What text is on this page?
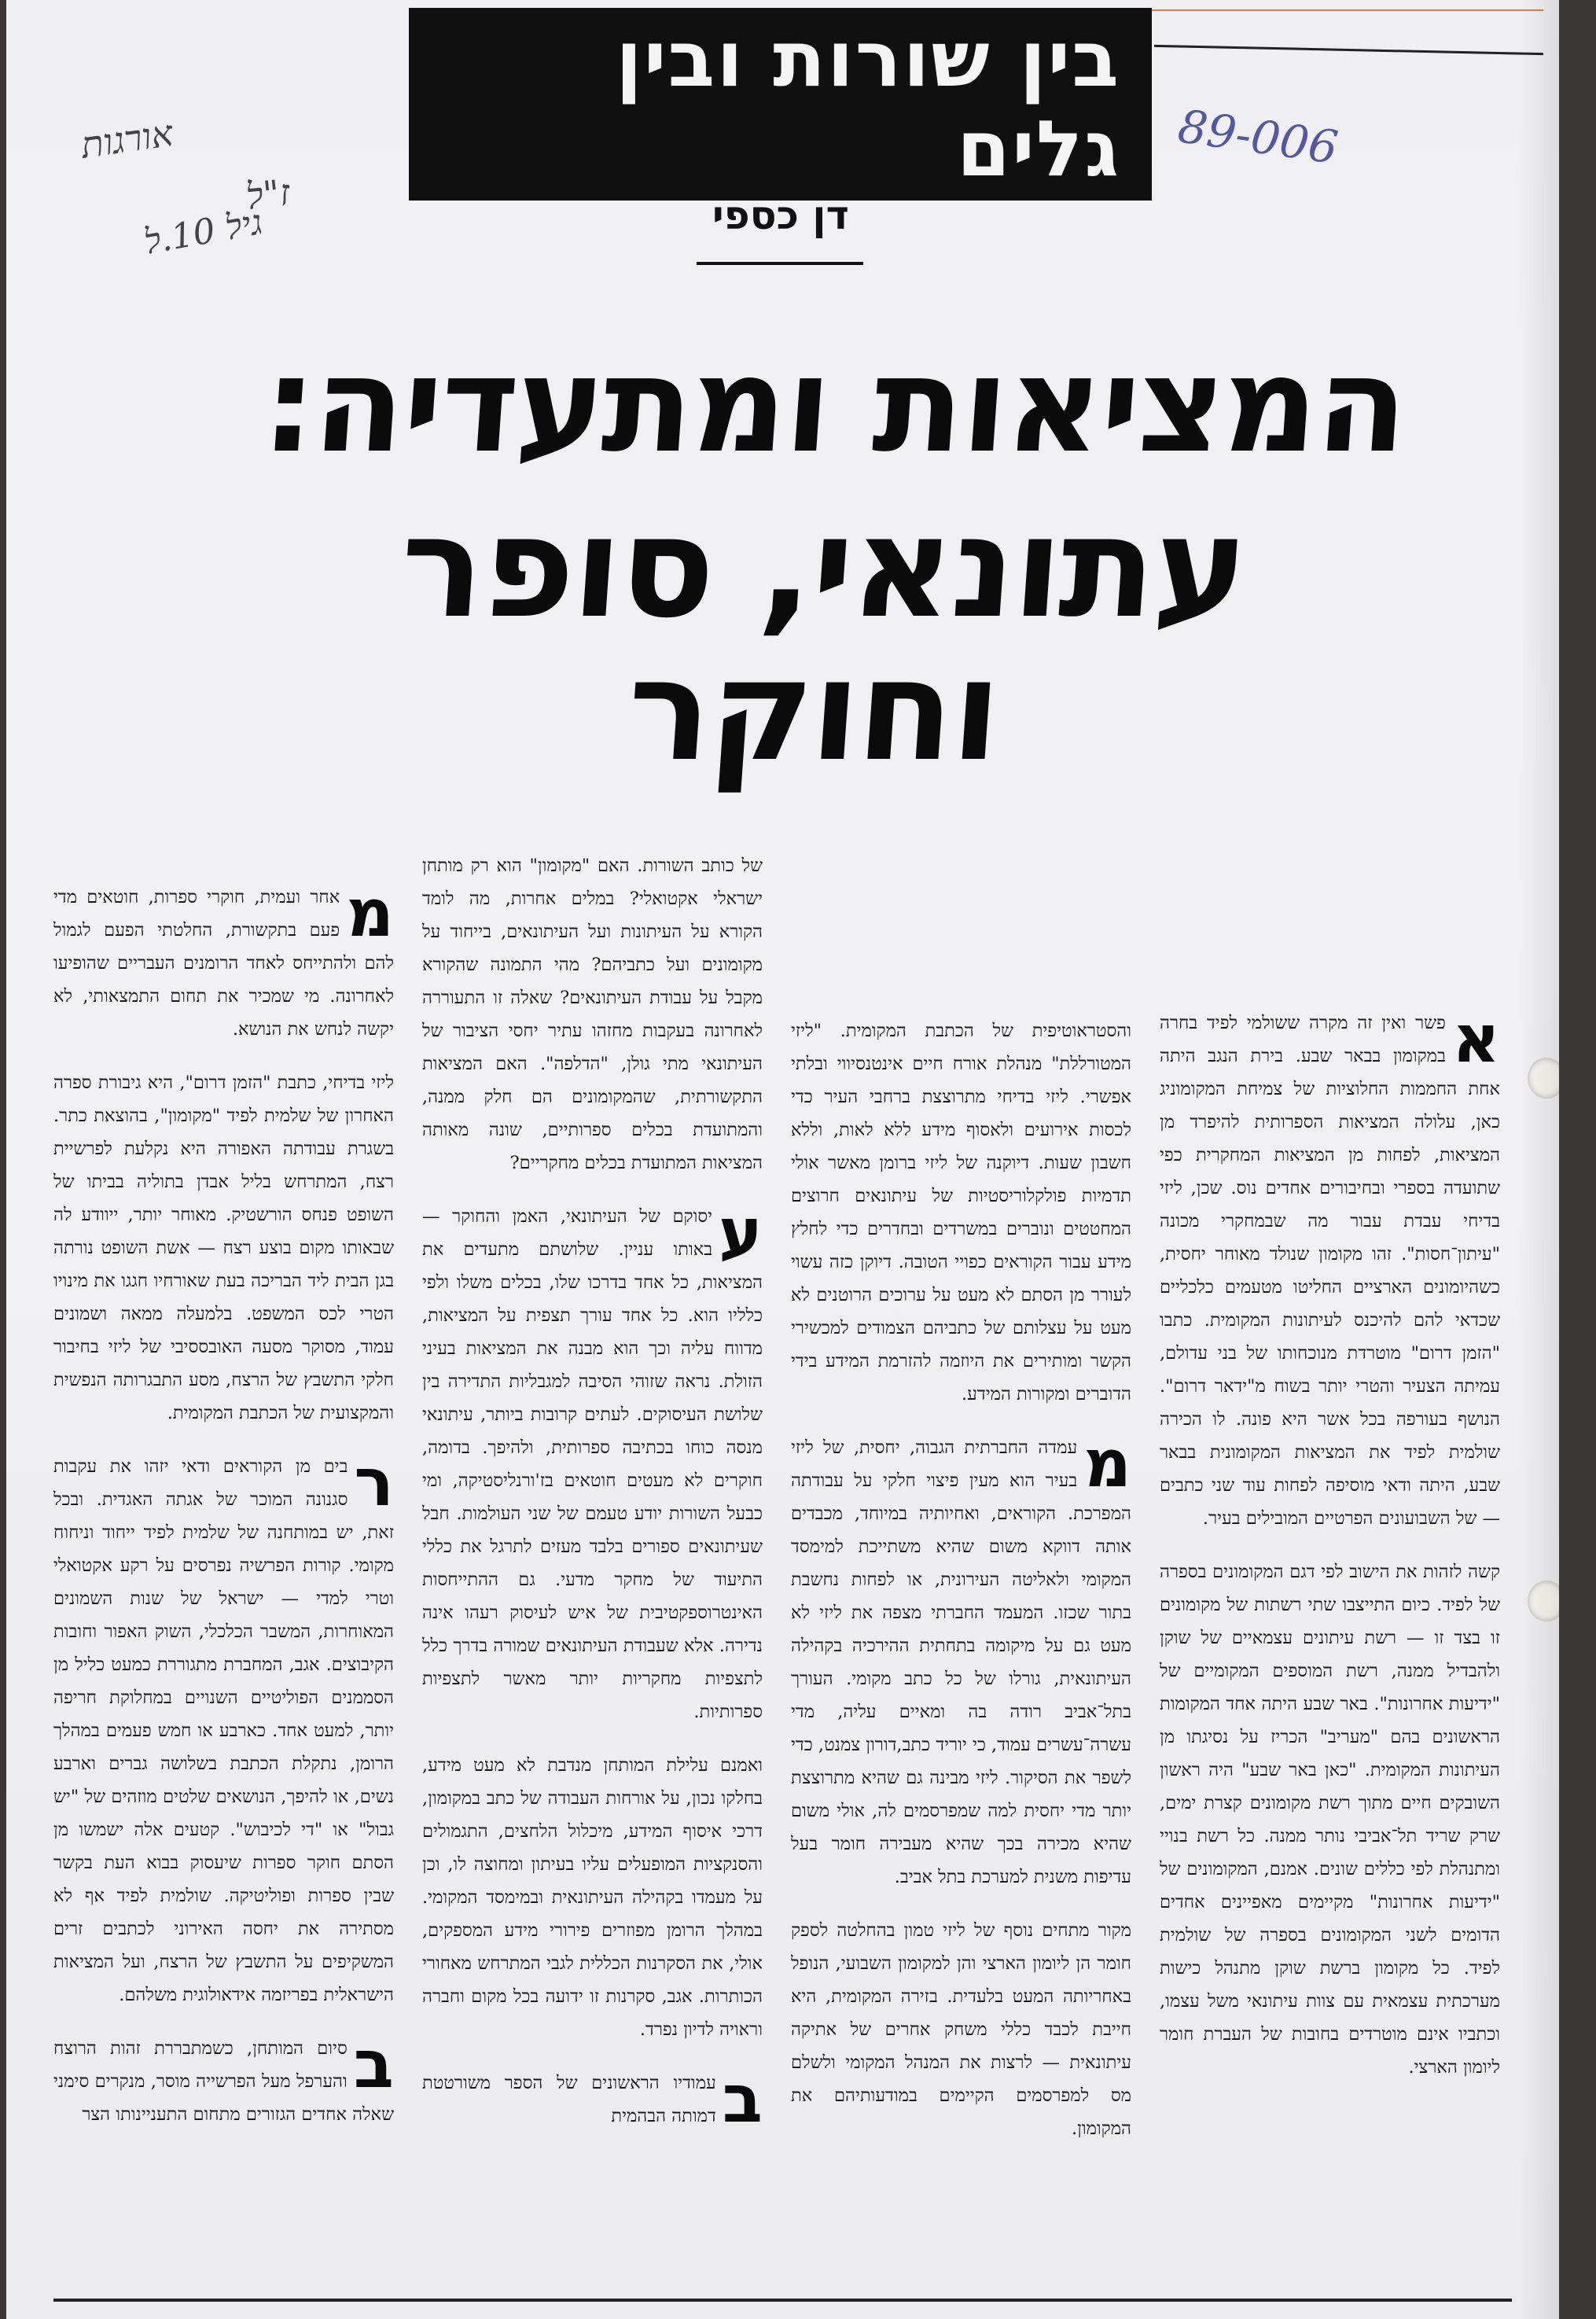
בין שורות ובין גלים
דן כספי
89-006
אורגות
ז"ל
גיל 10.ל
המציאות ומתעדיה:
עתונאי, סופר וחוקר

מ
אחר ועמית, חוקרי ספרות, חוטאים מדי פעם בתקשורת, החלטתי הפעם לגמול להם ולהתייחס לאחד הרומנים העבריים שהופיעו לאחרונה. מי שמכיר את תחום התמצאותי, לא יקשה לנחש את הנושא.

ליזי בדיחי, כתבת "הזמן דרום", היא גיבורת ספרה האחרון של שלמית לפיד "מקומון", בהוצאת כתר. בשגרת עבודתה האפורה היא נקלעת לפרשיית רצח, המתרחש בליל אבדן בתוליה בביתו של השופט פנחס הורשטיק. מאוחר יותר, ייוודע לה שבאותו מקום בוצע רצח — אשת השופט נורתה בגן הבית ליד הבריכה בעת שאורחיו חגגו את מינויו הטרי לכס המשפט. בלמעלה ממאה ושמונים עמוד, מסוקר מסעה האובססיבי של ליזי בחיבור חלקי התשבץ של הרצח, מסע התבגרותה הנפשית והמקצועית של הכתבת המקומית.

ר
בים מן הקוראים ודאי יזהו את עקבות סגנונה המוכר של אגתה האגדית. ובכל זאת, יש במותחנה של שלמית לפיד ייחוד וניחוח מקומי. קורות הפרשיה נפרסים על רקע אקטואלי וטרי למדי — ישראל של שנות השמונים המאוחרות, המשבר הכלכלי, השוק האפור וחובות הקיבוצים. אגב, המחברת מתגוררת כמעט כליל מן הסממנים הפוליטיים השנויים במחלוקת חריפה יותר, למעט אחד. כארבע או חמש פעמים במהלך הרומן, נתקלת הכתבת בשלושה גברים וארבע נשים, או להיפך, הנושאים שלטים מוזהים של "יש גבול" או "די לכיבוש". קטעים אלה ישמשו מן הסתם חוקר ספרות שיעסוק בבוא העת בקשר שבין ספרות ופוליטיקה. שולמית לפיד אף לא מסתירה את יחסה האירוני לכתבים זרים המשקיפים על התשבץ של הרצח, ועל המציאות הישראלית בפריזמה אידאולוגית משלהם.

ב
סיום המותחן, כשמתבררת זהות הרוצח והערפל מעל הפרשייה מוסר, מנקרים סימני שאלה אחדים הגזורים מתחום התעניינותו הצר

של כותב השורות. האם "מקומון" הוא רק מותחן ישראלי אקטואלי? במלים אחרות, מה לומד הקורא על העיתונות ועל העיתונאים, בייחוד על מקומונים ועל כתביהם? מהי התמונה שהקורא מקבל על עבודת העיתונאים? שאלה זו התעוררה לאחרונה בעקבות מחזהו עתיר יחסי הציבור של העיתונאי מתי גולן, "הדלפה". האם המציאות התקשורתית, שהמקומונים הם חלק ממנה, והמתועדת בכלים ספרותיים, שונה מאותה המציאות המתועדת בכלים מחקריים?

ע
יסוקם של העיתונאי, האמן והחוקר — באותו עניין. שלושתם מתעדים את המציאות, כל אחד בדרכו שלו, בכלים משלו ולפי כלליו הוא. כל אחד עורך תצפית על המציאות, מדווח עליה וכך הוא מבנה את המציאות בעיני הזולת. נראה שזוהי הסיבה למגבליות התדירה בין שלושת העיסוקים. לעתים קרובות ביותר, עיתונאי מנסה כוחו בכתיבה ספרותית, ולהיפך. בדומה, חוקרים לא מעטים חוטאים בז'ורנליסטיקה, ומי כבעל השורות יודע טעמם של שני העולמות. חבל שעיתונאים ספורים בלבד מעזים לתרגל את כללי התיעוד של מחקר מדעי. גם ההתייחסות האינטרוספקטיבית של איש לעיסוק רעהו אינה נדירה. אלא שעבודת העיתונאים שמורה בדרך כלל לתצפיות מחקריות יותר מאשר לתצפיות ספרותיות.

ואמנם עלילת המותחן מנדבת לא מעט מידע, בחלקו נכון, על אורחות העבודה של כתב במקומון, דרכי איסוף המידע, מיכלול הלחצים, התגמולים והסנקציות המופעלים עליו בעיתון ומחוצה לו, וכן על מעמדו בקהילה העיתונאית ובמימסד המקומי. במהלך הרומן מפוזרים פירורי מידע המספקים, אולי, את הסקרנות הכללית לגבי המתרחש מאחורי הכותרות. אגב, סקרנות זו ידועה בכל מקום וחברה וראויה לדיון נפרד.

ב
עמודיו הראשונים של הספר משורטטת דמותה הבהמית

והסטראוטיפית של הכתבת המקומית. "ליזי המטורללת" מנהלת אורח חיים אינטנסיווי ובלתי אפשרי. ליזי בדיחי מתרוצצת ברחבי העיר כדי לכסות אירועים ולאסוף מידע ללא לאות, וללא חשבון שעות. דיוקנה של ליזי ברומן מאשר אולי תדמיות פולקלוריסטיות של עיתונאים חרוצים המחטטים ונוברים במשרדים ובחדרים כדי לחלץ מידע עבור הקוראים כפויי הטובה. דיוקן כזה עשוי לעורר מן הסתם לא מעט על ערוכים הרוטנים לא מעט על עצלותם של כתביהם הצמודים למכשירי הקשר ומותירים את היוזמה להזרמת המידע בידי הדוברים ומקורות המידע.

מ
עמדה החברתית הגבוה, יחסית, של ליזי בעיר הוא מעין פיצוי חלקי על עבודתה המפרכת. הקוראים, ואחיותיה במיוחד, מכבדים אותה דווקא משום שהיא משתייכת למימסד המקומי ולאליטה העירונית, או לפחות נחשבת בתור שכזו. המעמד החברתי מצפה את ליזי לא מעט גם על מיקומה בתחתית ההירכיה בקהילה העיתונאית, גורלו של כל כתב מקומי. העורך בתל־אביב רודה בה ומאיים עליה, מדי עשרה־עשרים עמוד, כי יוריד כתב,דורון צמנט, כדי לשפר את הסיקור. ליזי מבינה גם שהיא מתרוצצת יותר מדי יחסית למה שמפרסמים לה, אולי משום שהיא מכירה בכך שהיא מעבירה חומר בעל עדיפות משנית למערכת בתל אביב.

מקור מתחים נוסף של ליזי טמון בהחלטה לספק חומר הן ליומון הארצי והן למקומון השבועי, הנופל באחריותה המעט בלעדית. בזירה המקומית, היא חייבת לכבד כללי משחק אחרים של אתיקה עיתונאית — לרצות את המנהל המקומי ולשלם מס למפרסמים הקיימים במודעותיהם את המקומון.

א
פשר ואין זה מקרה ששולמי לפיד בחרה במקומון בבאר שבע. בירת הנגב היתה אחת החממות החלוציות של צמיחת המקומוניג כאן, עלולה המציאות הספרותית להיפרד מן המציאות, לפחות מן המציאות המחקרית כפי שתועדה בספרי ובחיבורים אחדים נוס. שכן, ליזי בדיחי עבדת עבור מה שבמחקרי מכונה "עיתון־חסות". זהו מקומון שנולד מאוחר יחסית, כשהיומונים הארציים החליטו מטעמים כלכליים שכדאי להם להיכנס לעיתונות המקומית. כתבו "הזמן דרום" מוטרדת מנוכחותו של בני עדולם, עמיתה הצעיר והטרי יותר בשוח מ"ידאר דרום". הנושף בעורפה בכל אשר היא פונה. לו הכירה שולמית לפיד את המציאות המקומונית בבאר שבע, היתה ודאי מוסיפה לפחות עוד שני כתבים — של השבועונים הפרטיים המובילים בעיר.

קשה לזהות את הישוב לפי דגם המקומונים בספרה של לפיד. כיום התייצבו שתי רשתות של מקומונים זו בצד זו — רשת עיתונים עצמאיים של שוקן ולהבדיל ממנה, רשת המוספים המקומיים של "ידיעות אחרונות". באר שבע היתה אחד המקומות הראשונים בהם "מעריב" הכריז על נסיגתו מן העיתונות המקומית. "כאן באר שבע" היה ראשון השובקים חיים מתוך רשת מקומונים קצרת ימים, שרק שריד תל־אביבי נותר ממנה. כל רשת בנויי ומתנהלת לפי כללים שונים. אמנם, המקומונים של "ידיעות אחרונות" מקיימים מאפיינים אחדים הדומים לשני המקומונים בספרה של שולמית לפיד. כל מקומון ברשת שוקן מתנהל כישות מערכתית עצמאית עם צוות עיתונאי משל עצמו, וכתביו אינם מוטרדים בחובות של העברת חומר ליומון הארצי.
